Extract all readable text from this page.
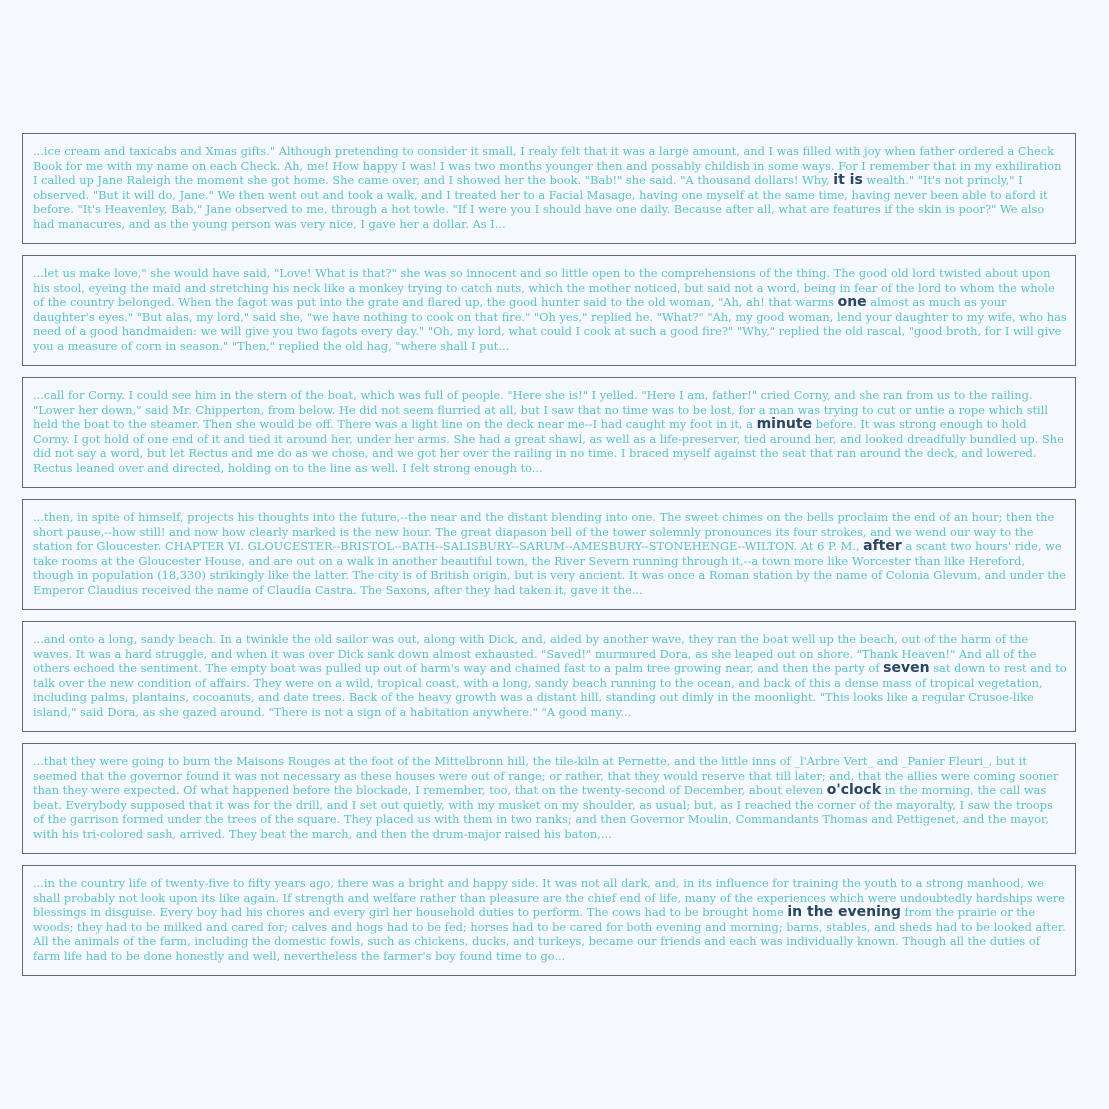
...ice cream and taxicabs and Xmas gifts." Although pretending to consider it small, I realy felt that it was a large amount, and I was filled with joy when father ordered a Check Book for me with my name on each Check. Ah, me! How happy I was! I was two months younger then and possably childish in some ways. For I remember that in my exhiliration I called up Jane Raleigh the moment she got home. She came over, and I showed her the book. "Bab!" she said. "A thousand dollars! Why, it is wealth." "It's not princly," I observed. "But it will do, Jane." We then went out and took a walk, and I treated her to a Facial Masage, having one myself at the same time, having never been able to aford it before. "It's Heavenley, Bab," Jane observed to me, through a hot towle. "If I were you I should have one daily. Because after all, what are features if the skin is poor?" We also had manacures, and as the young person was very nice, I gave her a dollar. As I...

...let us make love," she would have said, "Love! What is that?" she was so innocent and so little open to the comprehensions of the thing. The good old lord twisted about upon his stool, eyeing the maid and stretching his neck like a monkey trying to catch nuts, which the mother noticed, but said not a word, being in fear of the lord to whom the whole of the country belonged. When the fagot was put into the grate and flared up, the good hunter said to the old woman, "Ah, ah! that warms one almost as much as your daughter's eyes." "But alas, my lord," said she, "we have nothing to cook on that fire." "Oh yes," replied he. "What?" "Ah, my good woman, lend your daughter to my wife, who has need of a good handmaiden: we will give you two fagots every day." "Oh, my lord, what could I cook at such a good fire?" "Why," replied the old rascal, "good broth, for I will give you a measure of corn in season." "Then," replied the old hag, "where shall I put...

...call for Corny. I could see him in the stern of the boat, which was full of people. "Here she is!" I yelled. "Here I am, father!" cried Corny, and she ran from us to the railing. "Lower her down," said Mr. Chipperton, from below. He did not seem flurried at all, but I saw that no time was to be lost, for a man was trying to cut or untie a rope which still held the boat to the steamer. Then she would be off. There was a light line on the deck near me--I had caught my foot in it, a minute before. It was strong enough to hold Corny. I got hold of one end of it and tied it around her, under her arms. She had a great shawl, as well as a life-preserver, tied around her, and looked dreadfully bundled up. She did not say a word, but let Rectus and me do as we chose, and we got her over the railing in no time. I braced myself against the seat that ran around the deck, and lowered. Rectus leaned over and directed, holding on to the line as well. I felt strong enough to...

...then, in spite of himself, projects his thoughts into the future,--the near and the distant blending into one. The sweet chimes on the bells proclaim the end of an hour; then the short pause,--how still! and now how clearly marked is the new hour. The great diapason bell of the tower solemnly pronounces its four strokes, and we wend our way to the station for Gloucester. CHAPTER VI. GLOUCESTER--BRISTOL--BATH--SALISBURY--SARUM--AMESBURY--STONEHENGE--WILTON. At 6 P. M., after a scant two hours' ride, we take rooms at the Gloucester House, and are out on a walk in another beautiful town, the River Severn running through it,--a town more like Worcester than like Hereford, though in population (18,330) strikingly like the latter. The city is of British origin, but is very ancient. It was once a Roman station by the name of Colonia Glevum, and under the Emperor Claudius received the name of Claudia Castra. The Saxons, after they had taken it, gave it the...

...and onto a long, sandy beach. In a twinkle the old sailor was out, along with Dick, and, aided by another wave, they ran the boat well up the beach, out of the harm of the waves. It was a hard struggle, and when it was over Dick sank down almost exhausted. "Saved!" murmured Dora, as she leaped out on shore. "Thank Heaven!" And all of the others echoed the sentiment. The empty boat was pulled up out of harm's way and chained fast to a palm tree growing near, and then the party of seven sat down to rest and to talk over the new condition of affairs. They were on a wild, tropical coast, with a long, sandy beach running to the ocean, and back of this a dense mass of tropical vegetation, including palms, plantains, cocoanuts, and date trees. Back of the heavy growth was a distant hill, standing out dimly in the moonlight. "This looks like a regular Crusoe-like island," said Dora, as she gazed around. "There is not a sign of a habitation anywhere." "A good many...

...that they were going to burn the Maisons Rouges at the foot of the Mittelbronn hill, the tile-kiln at Pernette, and the little inns of _l'Arbre Vert_ and _Panier Fleuri_, but it seemed that the governor found it was not necessary as these houses were out of range; or rather, that they would reserve that till later; and, that the allies were coming sooner than they were expected. Of what happened before the blockade, I remember, too, that on the twenty-second of December, about eleven o'clock in the morning, the call was beat. Everybody supposed that it was for the drill, and I set out quietly, with my musket on my shoulder, as usual; but, as I reached the corner of the mayoralty, I saw the troops of the garrison formed under the trees of the square. They placed us with them in two ranks; and then Governor Moulin, Commandants Thomas and Pettigenet, and the mayor, with his tri-colored sash, arrived. They beat the march, and then the drum-major raised his baton,...

...in the country life of twenty-five to fifty years ago, there was a bright and happy side. It was not all dark, and, in its influence for training the youth to a strong manhood, we shall probably not look upon its like again. If strength and welfare rather than pleasure are the chief end of life, many of the experiences which were undoubtedly hardships were blessings in disguise. Every boy had his chores and every girl her household duties to perform. The cows had to be brought home in the evening from the prairie or the woods; they had to be milked and cared for; calves and hogs had to be fed; horses had to be cared for both evening and morning; barns, stables, and sheds had to be looked after. All the animals of the farm, including the domestic fowls, such as chickens, ducks, and turkeys, became our friends and each was individually known. Though all the duties of farm life had to be done honestly and well, nevertheless the farmer's boy found time to go...
